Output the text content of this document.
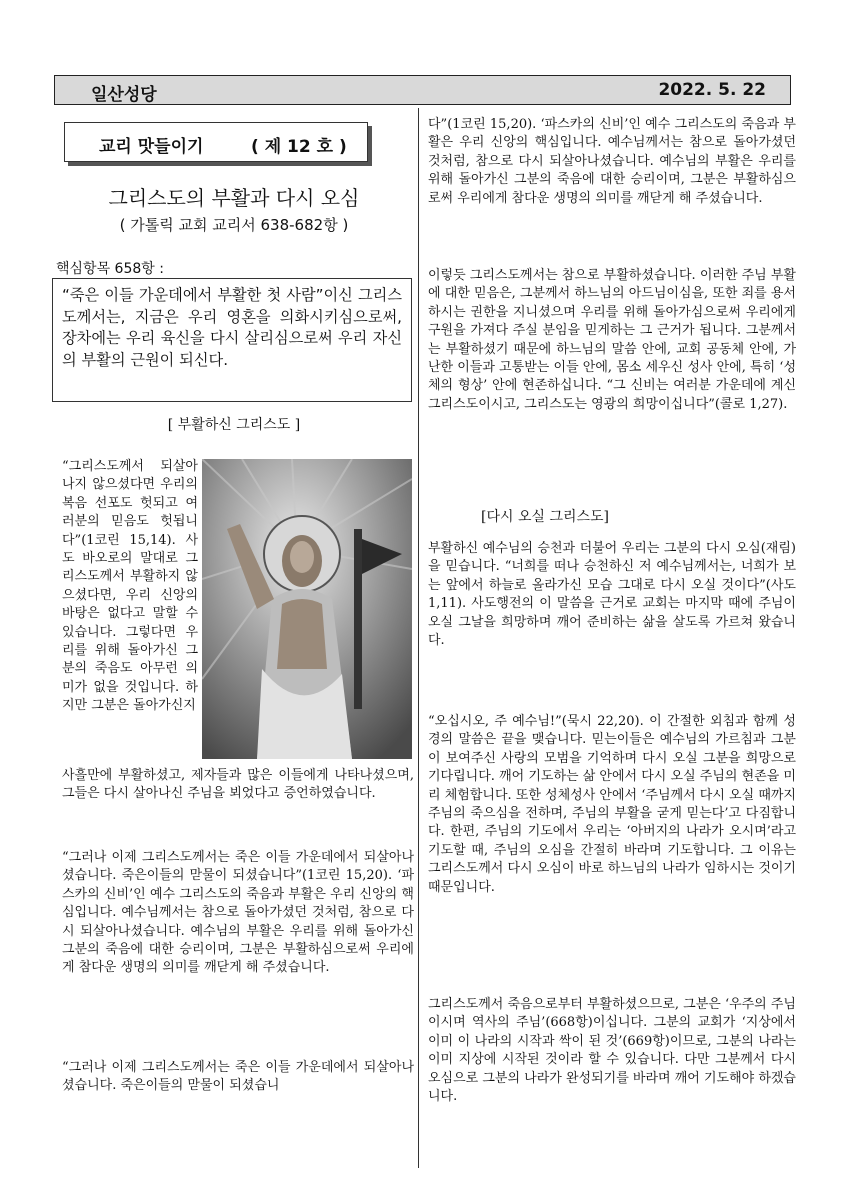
일산성당	2022. 5. 22
교리 맛들이기	( 제 12 호 )
그리스도의 부활과 다시 오심
( 가톨릭 교회 교리서 638-682항 )
핵심항목 658항 :

“죽은 이들 가운데에서 부활한 첫 사람”이신 그리스도께서는, 지금은 우리 영혼을 의화시키심으로써, 장차에는 우리 육신을 다시 살리심으로써 우리 자신의 부활의 근원이 되신다.

[ 부활하신 그리스도 ]

“그리스도께서 되살아나지 않으셨다면 우리의 복음 선포도 헛되고 여러분의 믿음도 헛됩니다”(1코린 15,14). 사도 바오로의 말대로 그리스도께서 부활하지 않으셨다면, 우리 신앙의 바탕은 없다고 말할 수 있습니다. 그렇다면 우리를 위해 돌아가신 그분의 죽음도 아무런 의미가 없을 것입니다. 하지만 그분은 돌아가신지

사흘만에 부활하셨고, 제자들과 많은 이들에게 나타나셨으며, 그들은 다시 살아나신 주님을 뵈었다고 증언하였습니다.

“그러나 이제 그리스도께서는 죽은 이들 가운데에서 되살아나셨습니다. 죽은이들의 맏물이 되셨습니다”(1코린 15,20). ‘파스카의 신비’인 예수 그리스도의 죽음과 부활은 우리 신앙의 핵심입니다. 예수님께서는 참으로 돌아가셨던 것처럼, 참으로 다시 되살아나셨습니다. 예수님의 부활은 우리를 위해 돌아가신 그분의 죽음에 대한 승리이며, 그분은 부활하심으로써 우리에게 참다운 생명의 의미를 깨닫게 해 주셨습니다.

“그러나 이제 그리스도께서는 죽은 이들 가운데에서 되살아나셨습니다. 죽은이들의 맏물이 되셨습니

다”(1코린 15,20). ‘파스카의 신비’인 예수 그리스도의 죽음과 부활은 우리 신앙의 핵심입니다. 예수님께서는 참으로 돌아가셨던 것처럼, 참으로 다시 되살아나셨습니다. 예수님의 부활은 우리를 위해 돌아가신 그분의 죽음에 대한 승리이며, 그분은 부활하심으로써 우리에게 참다운 생명의 의미를 깨닫게 해 주셨습니다.

이렇듯 그리스도께서는 참으로 부활하셨습니다. 이러한 주님 부활에 대한 믿음은, 그분께서 하느님의 아드님이심을, 또한 죄를 용서하시는 권한을 지니셨으며 우리를 위해 돌아가심으로써 우리에게 구원을 가져다 주실 분임을 믿게하는 그 근거가 됩니다. 그분께서는 부활하셨기 때문에 하느님의 말씀 안에, 교회 공동체 안에, 가난한 이들과 고통받는 이들 안에, 몸소 세우신 성사 안에, 특히 ‘성체의 형상’ 안에 현존하십니다. “그 신비는 여러분 가운데에 계신 그리스도이시고, 그리스도는 영광의 희망이십니다”(콜로 1,27).

[다시 오실 그리스도]

부활하신 예수님의 승천과 더불어 우리는 그분의 다시 오심(재림)을 믿습니다. “너희를 떠나 승천하신 저 예수님께서는, 너희가 보는 앞에서 하늘로 올라가신 모습 그대로 다시 오실 것이다”(사도 1,11). 사도행전의 이 말씀을 근거로 교회는 마지막 때에 주님이 오실 그날을 희망하며 깨어 준비하는 삶을 살도록 가르쳐 왔습니다.

“오십시오, 주 예수님!”(묵시 22,20). 이 간절한 외침과 함께 성경의 말씀은 끝을 맺습니다. 믿는이들은 예수님의 가르침과 그분이 보여주신 사랑의 모범을 기억하며 다시 오실 그분을 희망으로 기다립니다. 깨어 기도하는 삶 안에서 다시 오실 주님의 현존을 미리 체험합니다. 또한 성체성사 안에서 ‘주님께서 다시 오실 때까지 주님의 죽으심을 전하며, 주님의 부활을 굳게 믿는다’고 다짐합니다. 한편, 주님의 기도에서 우리는 ‘아버지의 나라가 오시며’라고 기도할 때, 주님의 오심을 간절히 바라며 기도합니다. 그 이유는 그리스도께서 다시 오심이 바로 하느님의 나라가 임하시는 것이기 때문입니다.

그리스도께서 죽음으로부터 부활하셨으므로, 그분은 ‘우주의 주님이시며 역사의 주님’(668항)이십니다. 그분의 교회가 ‘지상에서 이미 이 나라의 시작과 싹이 된 것’(669항)이므로, 그분의 나라는 이미 지상에 시작된 것이라 할 수 있습니다. 다만 그분께서 다시 오심으로 그분의 나라가 완성되기를 바라며 깨어 기도해야 하겠습니다.
